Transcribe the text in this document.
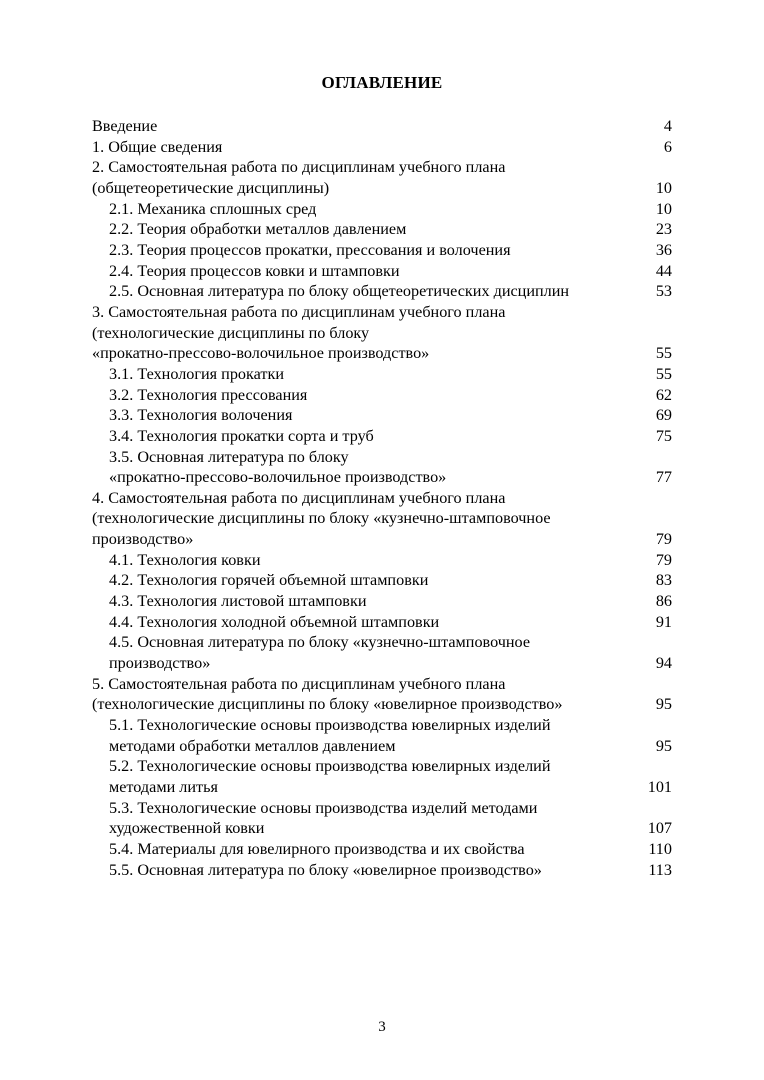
ОГЛАВЛЕНИЕ
Введение	4
1. Общие сведения	6
2. Самостоятельная работа по дисциплинам учебного плана
(общетеоретические дисциплины)	10
2.1. Механика сплошных сред	10
2.2. Теория обработки металлов давлением	23
2.3. Теория процессов прокатки, прессования и волочения	36
2.4. Теория процессов ковки и штамповки	44
2.5. Основная литература по блоку общетеоретических дисциплин	53
3. Самостоятельная работа по дисциплинам учебного плана
(технологические дисциплины по блоку
«прокатно-прессово-волочильное производство»	55
3.1. Технология прокатки	55
3.2. Технология прессования	62
3.3. Технология волочения	69
3.4. Технология прокатки сорта и труб	75
3.5. Основная литература по блоку
«прокатно-прессово-волочильное производство»	77
4. Самостоятельная работа по дисциплинам учебного плана
(технологические дисциплины по блоку «кузнечно-штамповочное
производство»	79
4.1. Технология ковки	79
4.2. Технология горячей объемной штамповки	83
4.3. Технология листовой штамповки	86
4.4. Технология холодной объемной штамповки	91
4.5. Основная литература по блоку «кузнечно-штамповочное
производство»	94
5. Самостоятельная работа по дисциплинам учебного плана
(технологические дисциплины по блоку «ювелирное производство»	95
5.1. Технологические основы производства ювелирных изделий
методами обработки металлов давлением	95
5.2. Технологические основы производства ювелирных изделий
методами литья	101
5.3. Технологические основы производства изделий методами
художественной ковки	107
5.4. Материалы для ювелирного производства и их свойства	110
5.5. Основная литература по блоку «ювелирное производство»	113
3
